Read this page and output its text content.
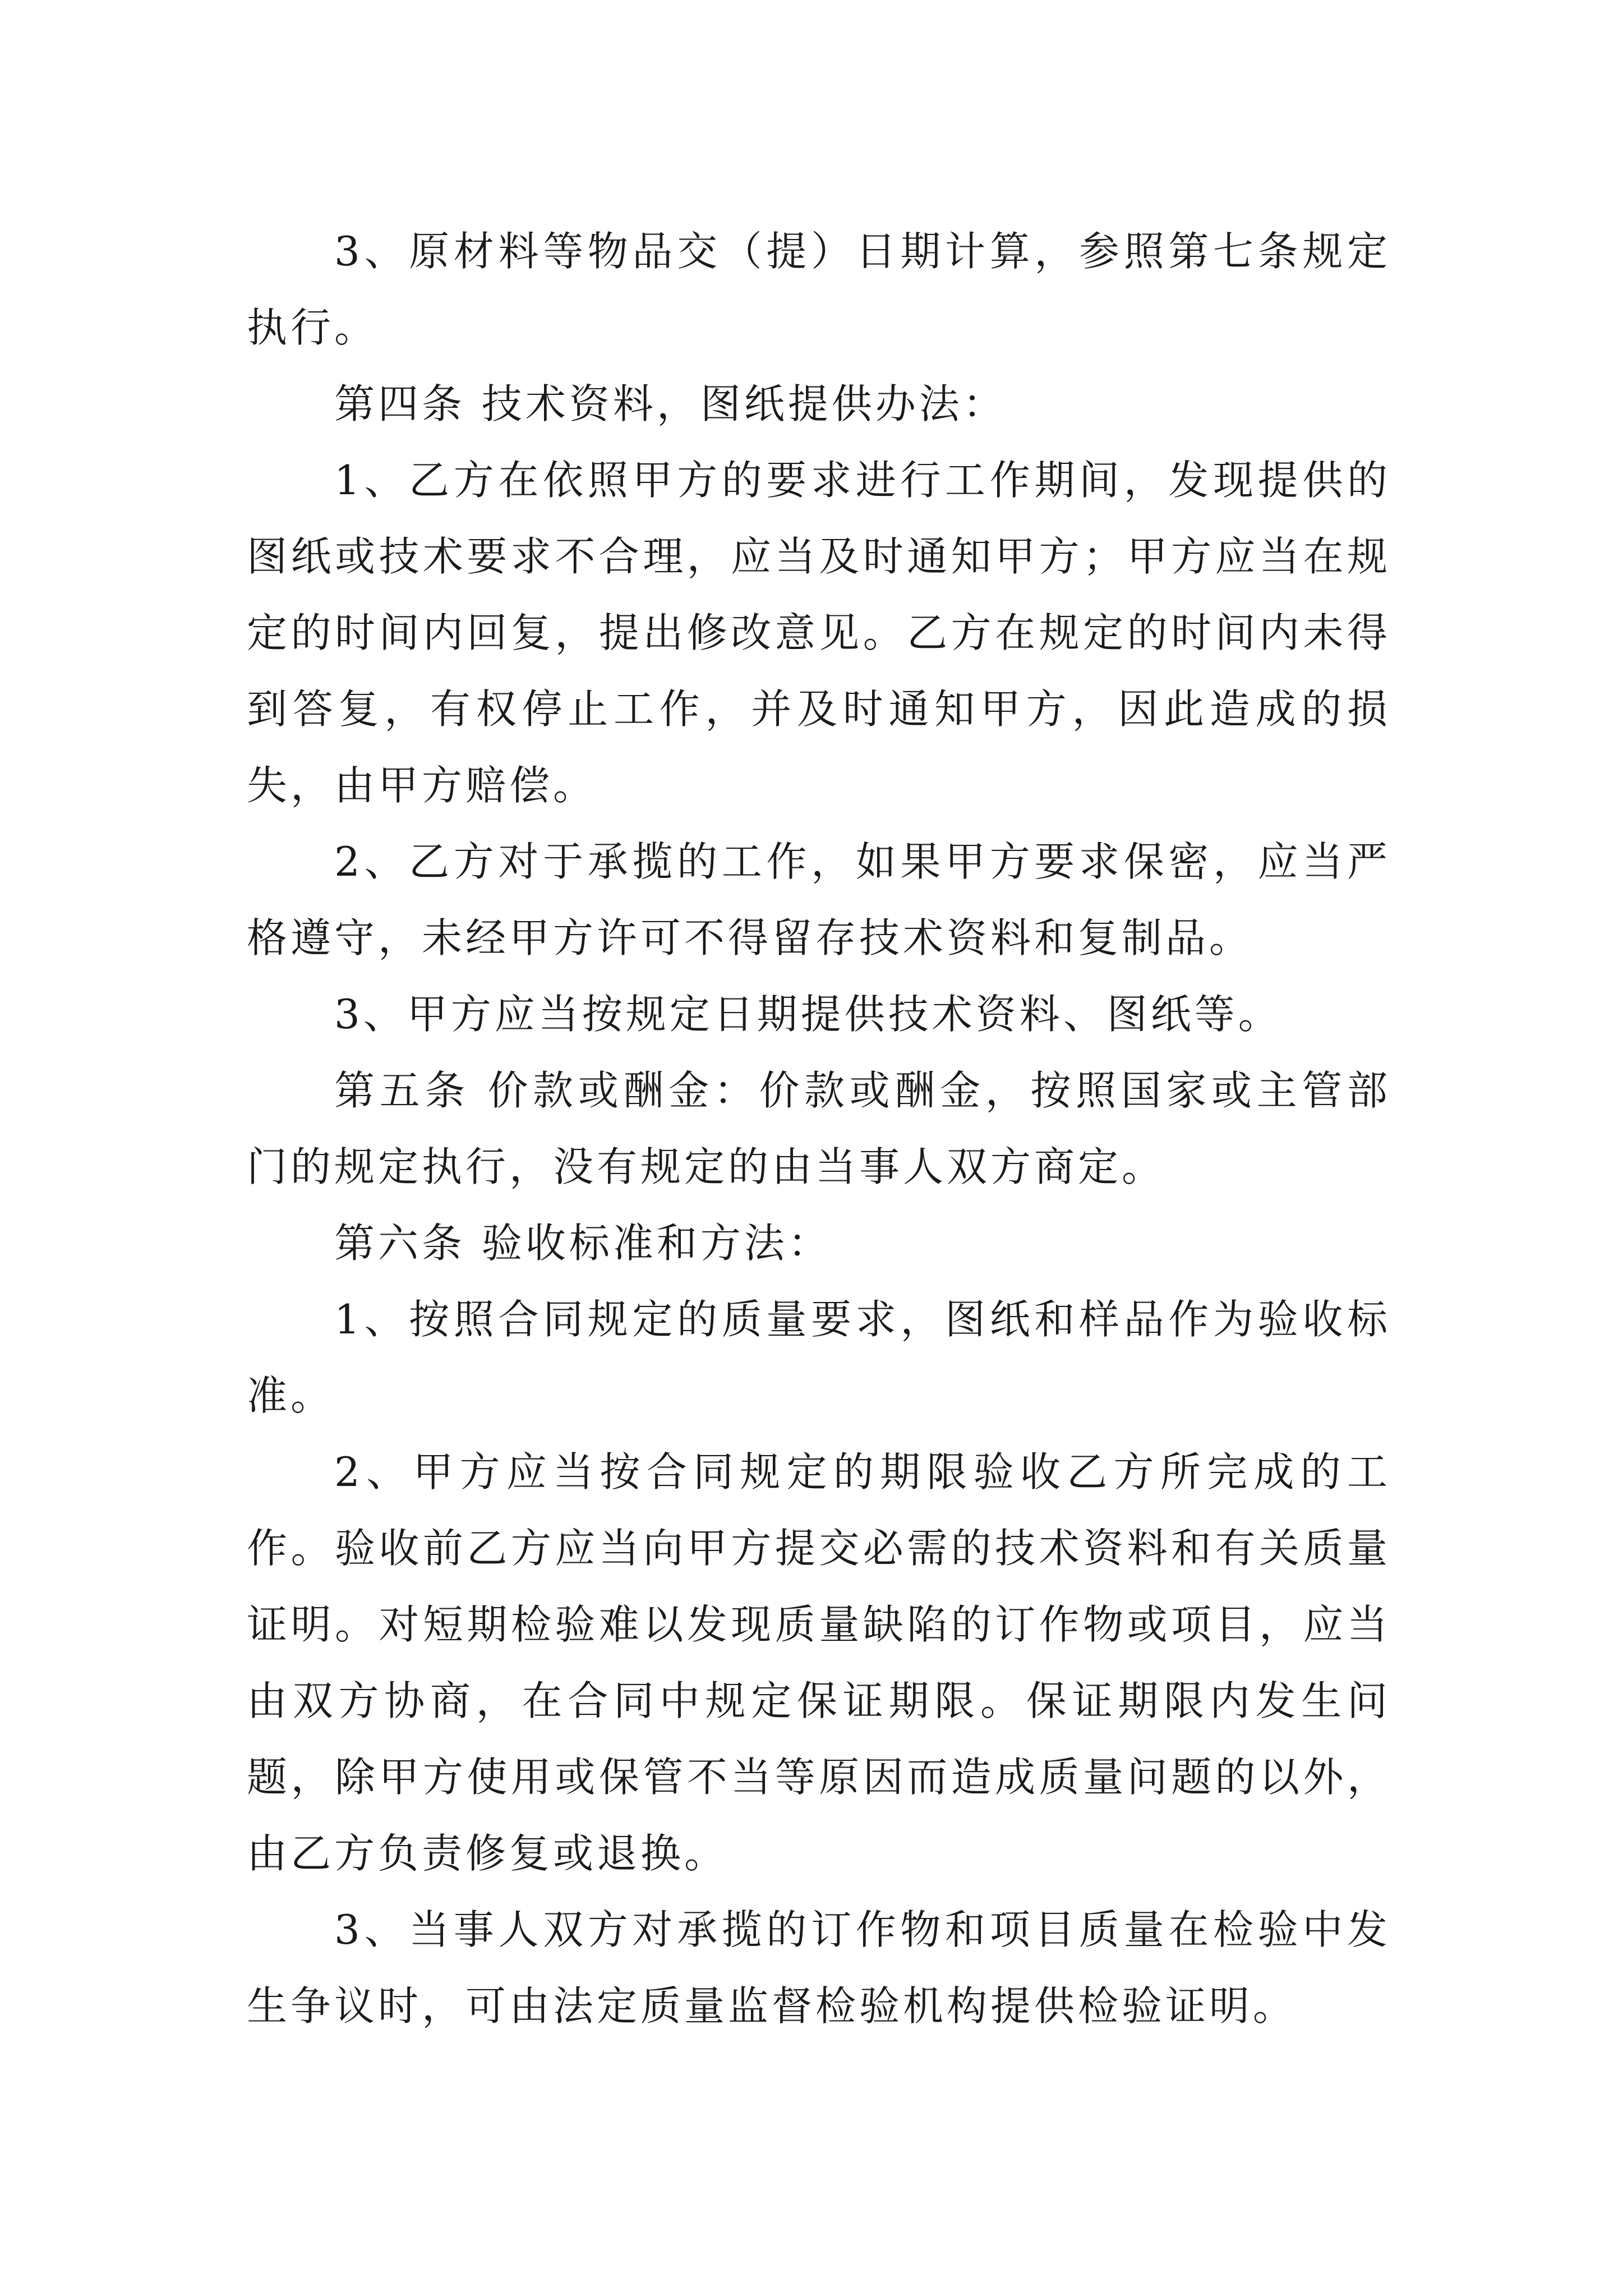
3、原材料等物品交（提）日期计算，参照第七条规定执行。

第四条 技术资料，图纸提供办法：

1、乙方在依照甲方的要求进行工作期间，发现提供的图纸或技术要求不合理，应当及时通知甲方；甲方应当在规定的时间内回复，提出修改意见。乙方在规定的时间内未得到答复，有权停止工作，并及时通知甲方，因此造成的损失，由甲方赔偿。

2、乙方对于承揽的工作，如果甲方要求保密，应当严格遵守，未经甲方许可不得留存技术资料和复制品。

3、甲方应当按规定日期提供技术资料、图纸等。

第五条 价款或酬金：价款或酬金，按照国家或主管部门的规定执行，没有规定的由当事人双方商定。

第六条 验收标准和方法：

1、按照合同规定的质量要求，图纸和样品作为验收标准。

2、甲方应当按合同规定的期限验收乙方所完成的工作。验收前乙方应当向甲方提交必需的技术资料和有关质量证明。对短期检验难以发现质量缺陷的订作物或项目，应当由双方协商，在合同中规定保证期限。保证期限内发生问题，除甲方使用或保管不当等原因而造成质量问题的以外，由乙方负责修复或退换。

3、当事人双方对承揽的订作物和项目质量在检验中发生争议时，可由法定质量监督检验机构提供检验证明。
